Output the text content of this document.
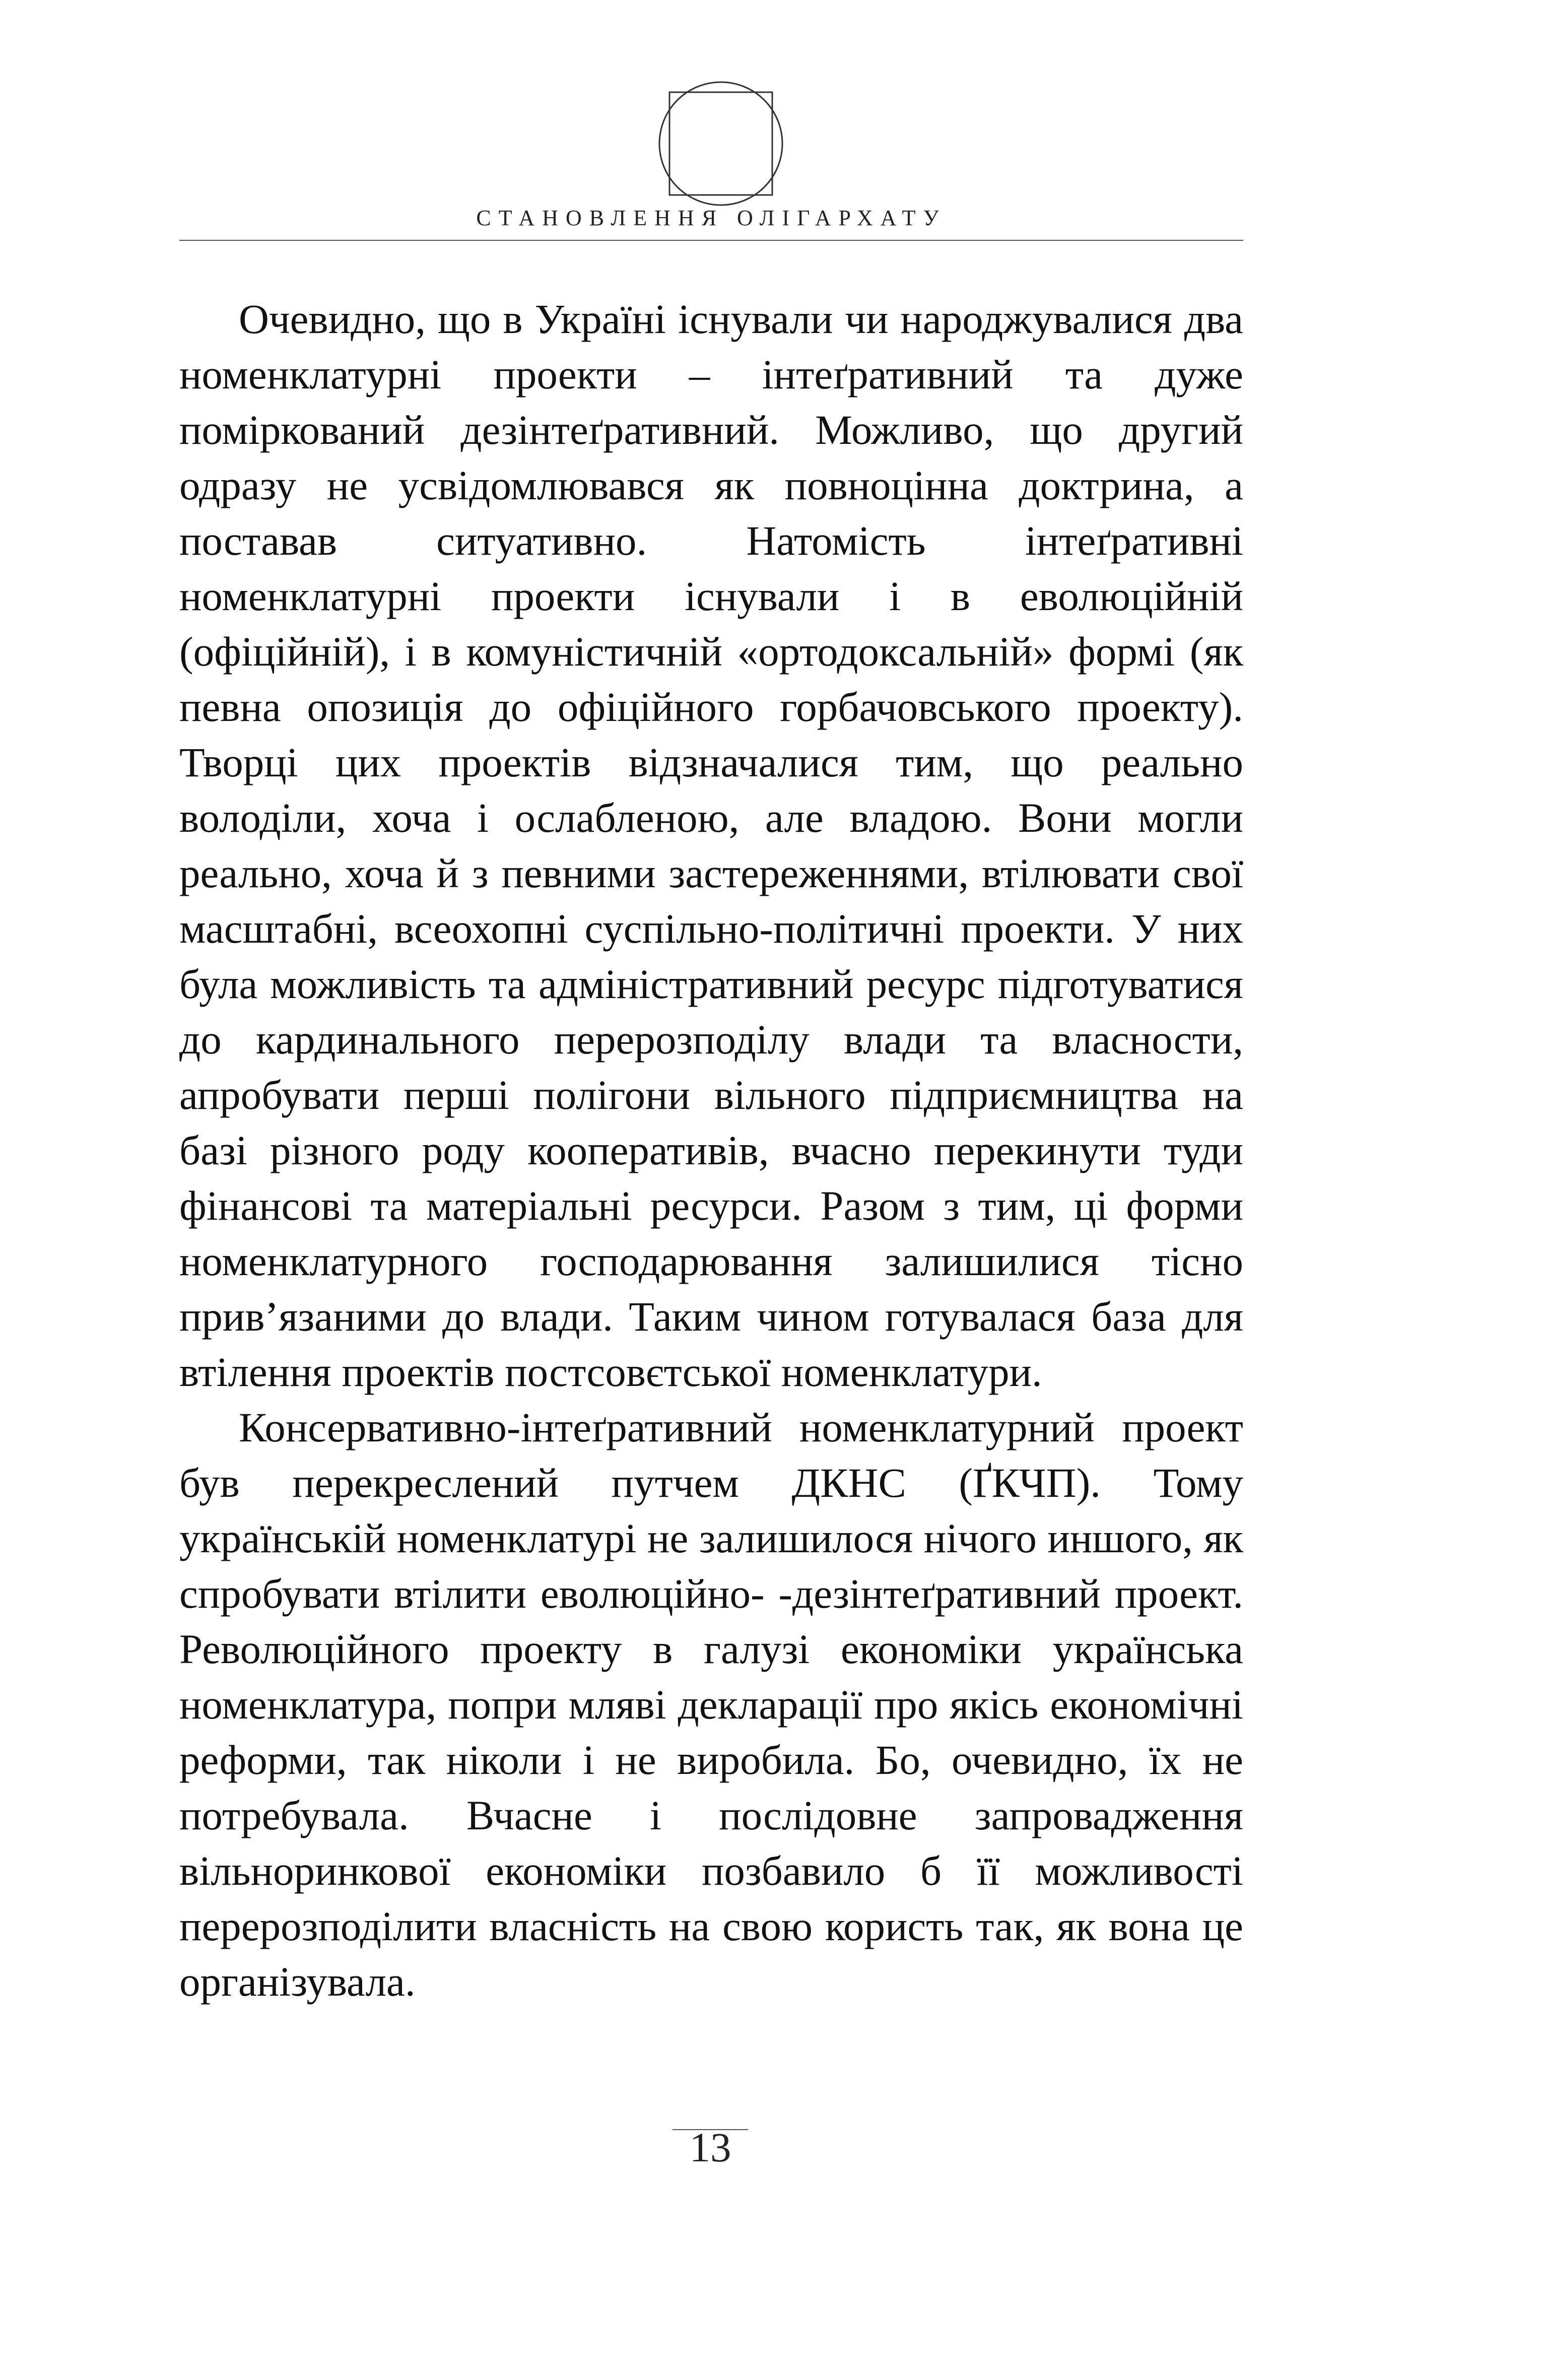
СТАНОВЛЕННЯ ОЛІГАРХАТУ

Очевидно, що в Україні існували чи народжувалися два номенклатурні проекти – інтеґративний та дуже поміркований дезінтеґративний. Можливо, що другий одразу не усвідомлювався як повноцінна доктрина, а поставав ситуативно. Натомість інтеґративні номенклатурні проекти існували і в еволюційній (офіційній), і в комуністичній «ортодоксальній» формі (як певна опозиція до офіційного горбачовського проекту). Творці цих проектів відзначалися тим, що реально володіли, хоча і ослабленою, але владою. Вони могли реально, хоча й з певними застереженнями, втілювати свої масштабні, всеохопні суспільно-політичні проекти. У них була можливість та адміністративний ресурс підготуватися до кардинального перерозподілу влади та власности, апробувати перші полігони вільного підприємництва на базі різного роду кооперативів, вчасно перекинути туди фінансові та матеріальні ресурси. Разом з тим, ці форми номенклатурного господарювання залишилися тісно прив’язаними до влади. Таким чином готувалася база для втілення проектів постсовєтської номенклатури.

Консервативно-інтеґративний номенклатурний проект був перекреслений путчем ДКНС (ҐКЧП). Тому українській номенклатурі не залишилося нічого иншого, як спробувати втілити еволюційно- -дезінтеґративний проект. Революційного проекту в галузі економіки українська номенклатура, попри мляві декларації про якісь економічні реформи, так ніколи і не виробила. Бо, очевидно, їх не потребувала. Вчасне і послідовне запровадження вільноринкової економіки позбавило б її можливості перерозподілити власність на свою користь так, як вона це організувала.

13
